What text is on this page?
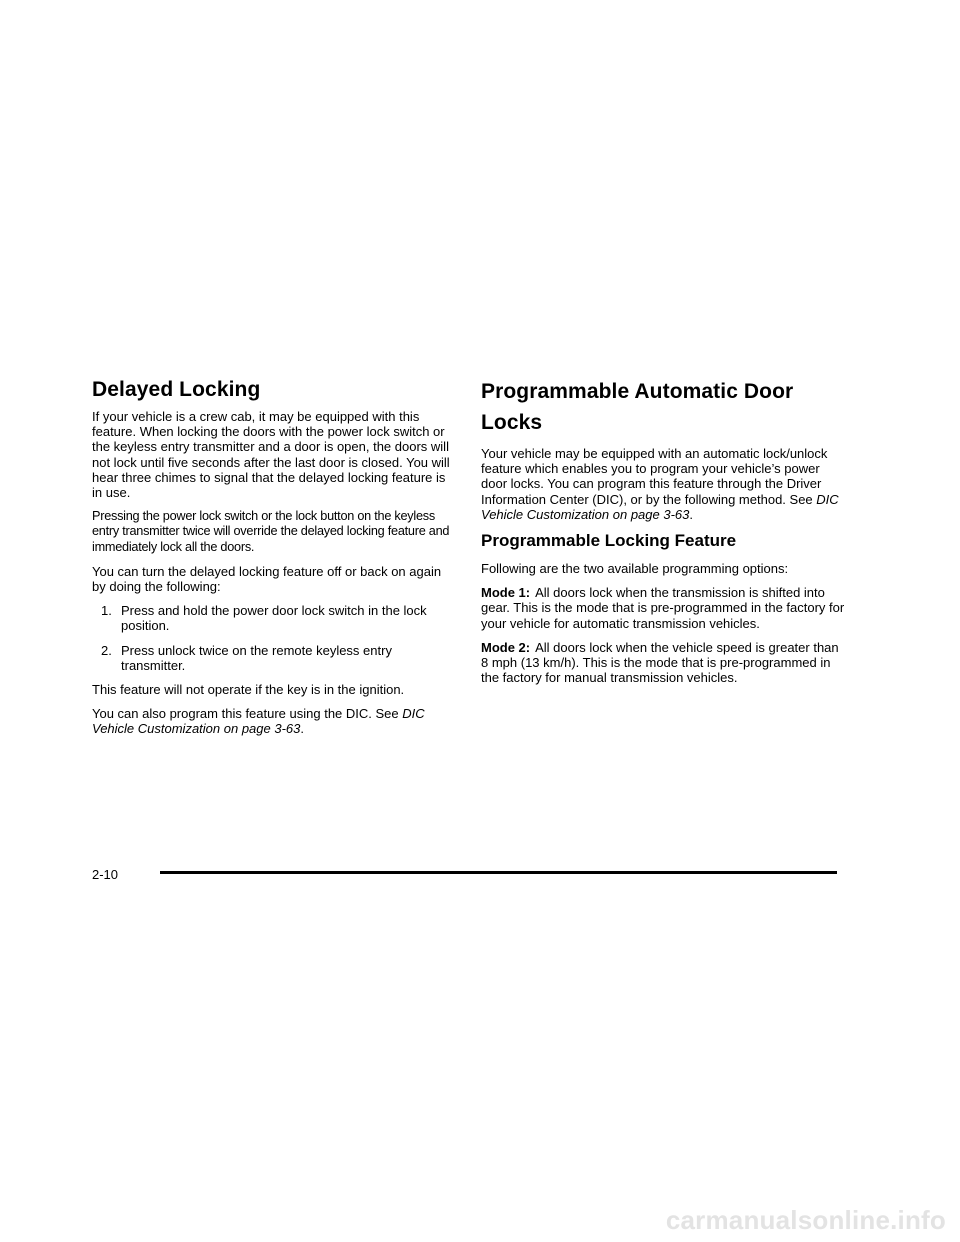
Delayed Locking

If your vehicle is a crew cab, it may be equipped with this feature. When locking the doors with the power lock switch or the keyless entry transmitter and a door is open, the doors will not lock until five seconds after the last door is closed. You will hear three chimes to signal that the delayed locking feature is in use.

Pressing the power lock switch or the lock button on the keyless entry transmitter twice will override the delayed locking feature and immediately lock all the doors.

You can turn the delayed locking feature off or back on again by doing the following:

1. Press and hold the power door lock switch in the lock position.
2. Press unlock twice on the remote keyless entry transmitter.

This feature will not operate if the key is in the ignition.

You can also program this feature using the DIC. See DIC Vehicle Customization on page 3-63.

Programmable Automatic Door
Locks

Your vehicle may be equipped with an automatic lock/unlock feature which enables you to program your vehicle’s power door locks. You can program this feature through the Driver Information Center (DIC), or by the following method. See DIC Vehicle Customization on page 3-63.

Programmable Locking Feature

Following are the two available programming options:

Mode 1: All doors lock when the transmission is shifted into gear. This is the mode that is pre-programmed in the factory for your vehicle for automatic transmission vehicles.

Mode 2: All doors lock when the vehicle speed is greater than 8 mph (13 km/h). This is the mode that is pre-programmed in the factory for manual transmission vehicles.

2-10
carmanualsonline.info
